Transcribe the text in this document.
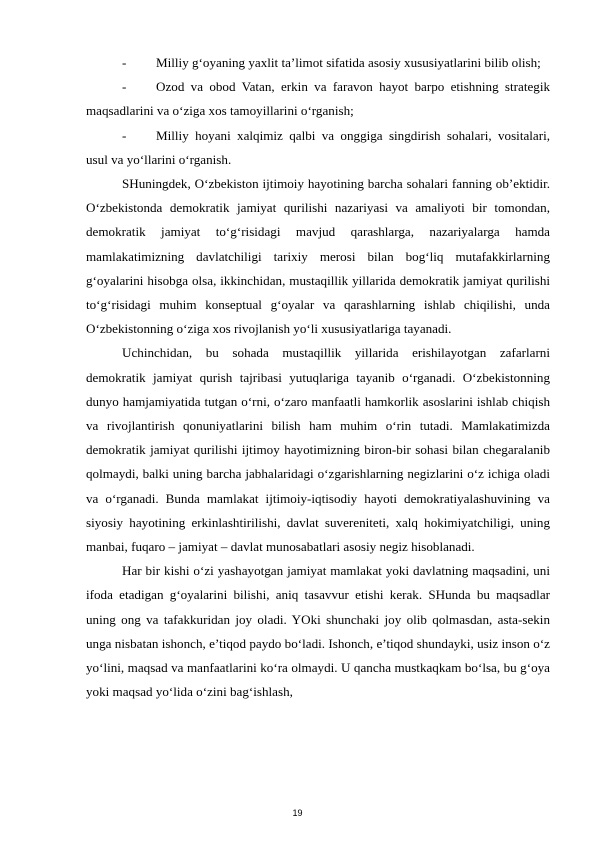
- Milliy g‘oyaning yaxlit ta’limot sifatida asosiy xususiyatlarini bilib olish;

- Ozod va obod Vatan, erkin va faravon hayot barpo etishning strategik maqsadlarini va o‘ziga xos tamoyillarini o‘rganish;

- Milliy hoyani xalqimiz qalbi va onggiga singdirish sohalari, vositalari, usul va yo‘llarini o‘rganish.

SHuningdek, O‘zbekiston ijtimoiy hayotining barcha sohalari fanning ob’ektidir. O‘zbekistonda demokratik jamiyat qurilishi nazariyasi va amaliyoti bir tomondan, demokratik jamiyat to‘g‘risidagi mavjud qarashlarga, nazariyalarga hamda mamlakatimizning davlatchiligi tarixiy merosi bilan bog‘liq mutafakkirlarning g‘oyalarini hisobga olsa, ikkinchidan, mustaqillik yillarida demokratik jamiyat qurilishi to‘g‘risidagi muhim konseptual g‘oyalar va qarashlarning ishlab chiqilishi, unda O‘zbekistonning o‘ziga xos rivojlanish yo‘li xususiyatlariga tayanadi.

Uchinchidan, bu sohada mustaqillik yillarida erishilayotgan zafarlarni demokratik jamiyat qurish tajribasi yutuqlariga tayanib o‘rganadi. O‘zbekistonning dunyo hamjamiyatida tutgan o‘rni, o‘zaro manfaatli hamkorlik asoslarini ishlab chiqish va rivojlantirish qonuniyatlarini bilish ham muhim o‘rin tutadi. Mamlakatimizda demokratik jamiyat qurilishi ijtimoy hayotimizning biron-bir sohasi bilan chegaralanib qolmaydi, balki uning barcha jabhalaridagi o‘zgarishlarning negizlarini o‘z ichiga oladi va o‘rganadi. Bunda mamlakat ijtimoiy-iqtisodiy hayoti demokratiyalashuvining va siyosiy hayotining erkinlashtirilishi, davlat suvereniteti, xalq hokimiyatchiligi, uning manbai, fuqaro – jamiyat – davlat munosabatlari asosiy negiz hisoblanadi.

Har bir kishi o‘zi yashayotgan jamiyat mamlakat yoki davlatning maqsadini, uni ifoda etadigan g‘oyalarini bilishi, aniq tasavvur etishi kerak. SHunda bu maqsadlar uning ong va tafakkuridan joy oladi. YOki shunchaki joy olib qolmasdan, asta-sekin unga nisbatan ishonch, e’tiqod paydo bo‘ladi. Ishonch, e’tiqod shundayki, usiz inson o‘z yo‘lini, maqsad va manfaatlarini ko‘ra olmaydi. U qancha mustkaqkam bo‘lsa, bu g‘oya yoki maqsad yo‘lida o‘zini bag‘ishlash,

19
